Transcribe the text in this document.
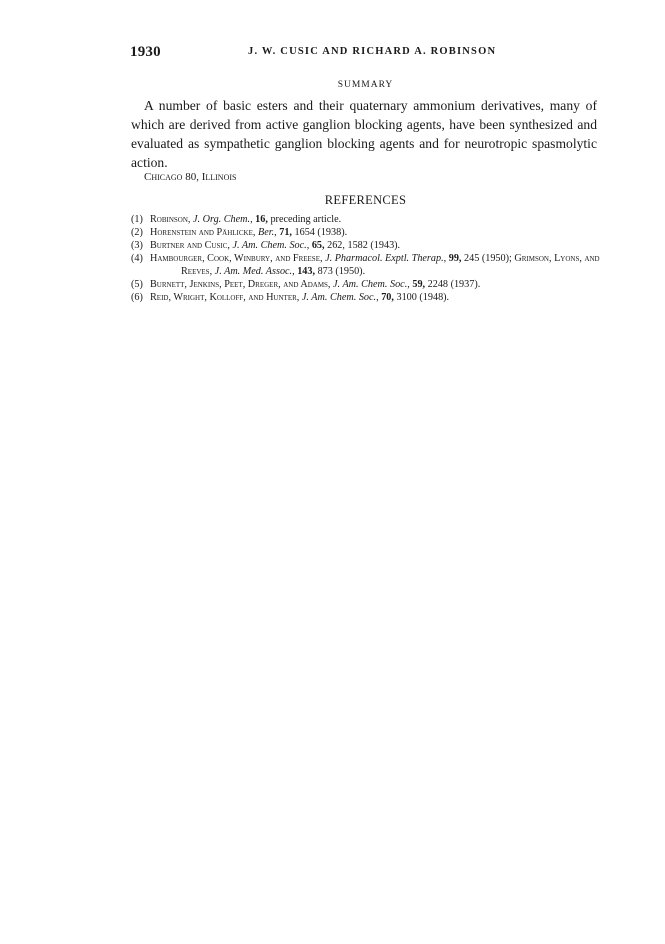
1930	J. W. CUSIC AND RICHARD A. ROBINSON
SUMMARY

A number of basic esters and their quaternary ammonium derivatives, many of which are derived from active ganglion blocking agents, have been synthesized and evaluated as sympathetic ganglion blocking agents and for neurotropic spasmolytic action.

Chicago 80, Illinois
REFERENCES
(1) Robinson, J. Org. Chem., 16, preceding article.
(2) Horenstein and Pählicke, Ber., 71, 1654 (1938).
(3) Burtner and Cusic, J. Am. Chem. Soc., 65, 262, 1582 (1943).
(4) Hambourger, Cook, Winbury, and Freese, J. Pharmacol. Exptl. Therap., 99, 245 (1950); Grimson, Lyons, and Reeves, J. Am. Med. Assoc., 143, 873 (1950).
(5) Burnett, Jenkins, Peet, Dreger, and Adams, J. Am. Chem. Soc., 59, 2248 (1937).
(6) Reid, Wright, Kolloff, and Hunter, J. Am. Chem. Soc., 70, 3100 (1948).
